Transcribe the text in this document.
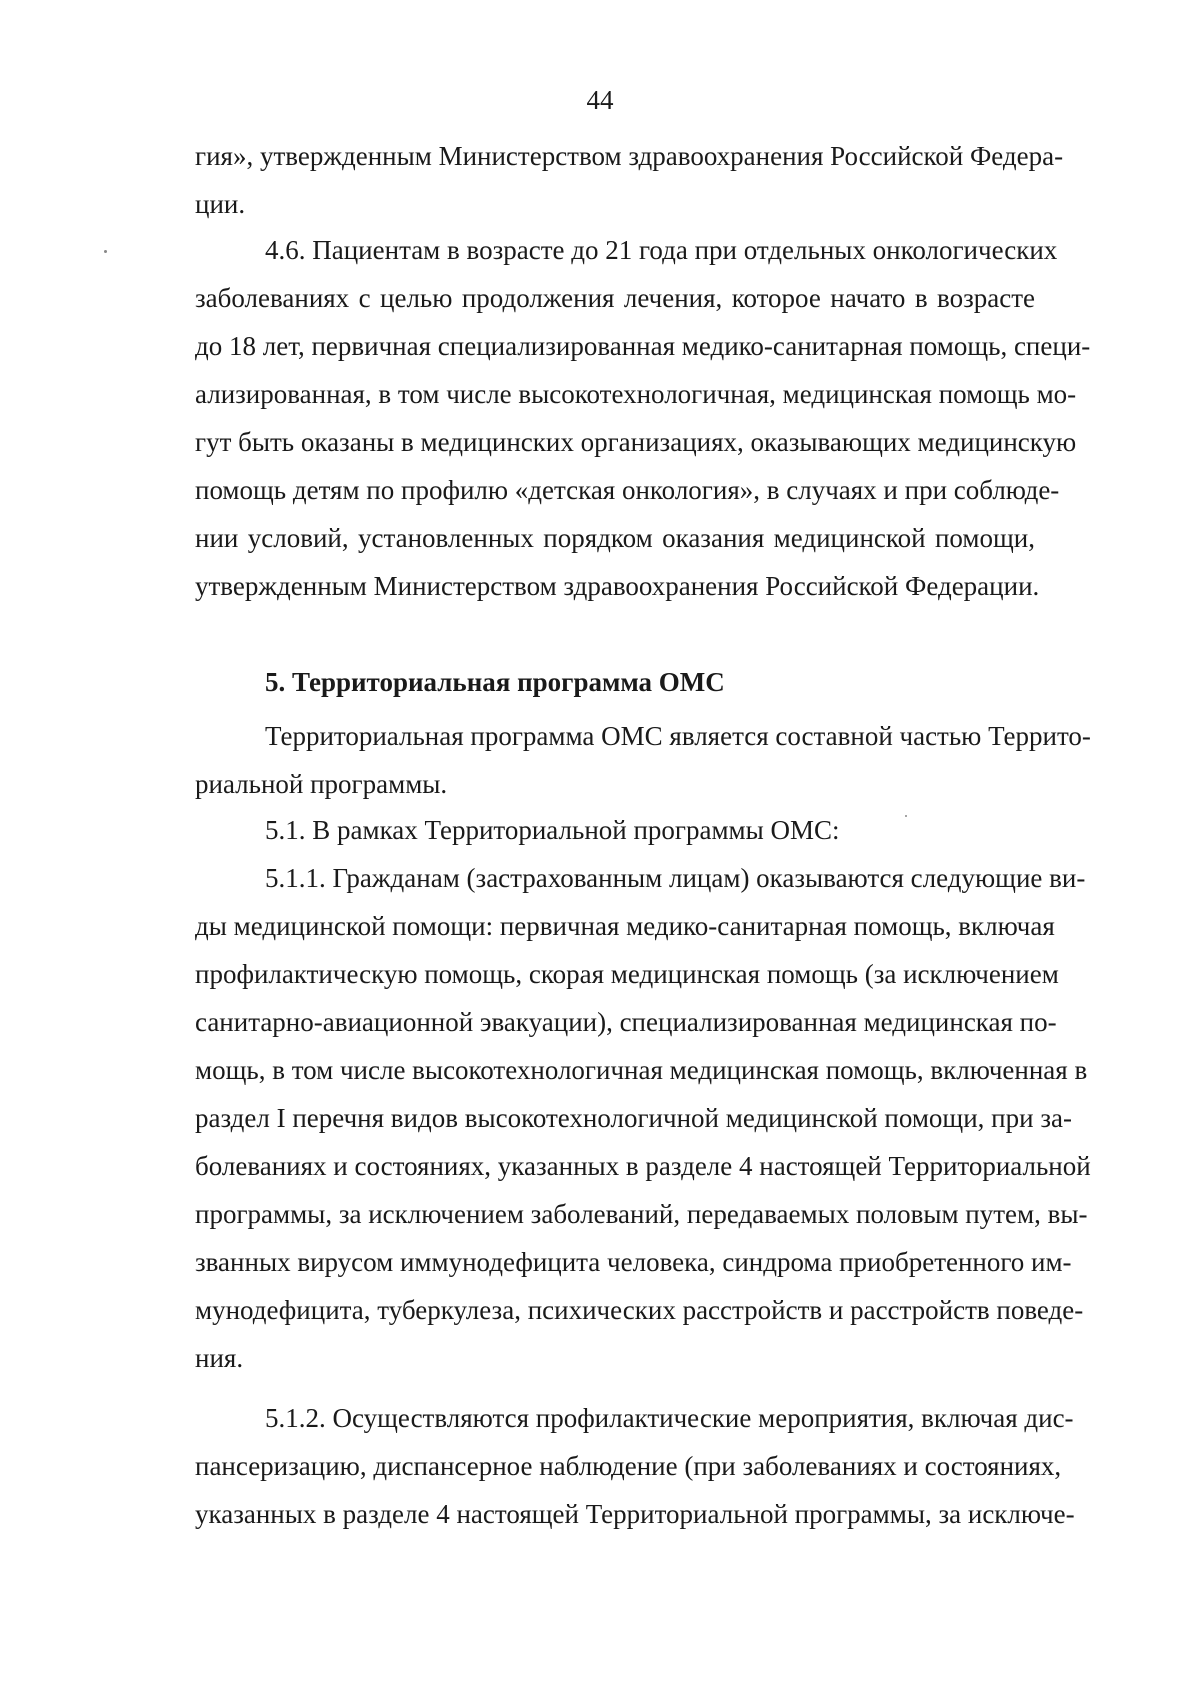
44
гия», утвержденным Министерством здравоохранения Российской Федера-
ции.
4.6. Пациентам в возрасте до 21 года при отдельных онкологических
заболеваниях с целью продолжения лечения, которое начато в возрасте
до 18 лет, первичная специализированная медико-санитарная помощь, специ-
ализированная, в том числе высокотехнологичная, медицинская помощь мо-
гут быть оказаны в медицинских организациях, оказывающих медицинскую
помощь детям по профилю «детская онкология», в случаях и при соблюде-
нии условий, установленных порядком оказания медицинской помощи,
утвержденным Министерством здравоохранения Российской Федерации.
5. Территориальная программа ОМС
Территориальная программа ОМС является составной частью Террито-
риальной программы.
5.1. В рамках Территориальной программы ОМС:
5.1.1. Гражданам (застрахованным лицам) оказываются следующие ви-
ды медицинской помощи: первичная медико-санитарная помощь, включая
профилактическую помощь, скорая медицинская помощь (за исключением
санитарно-авиационной эвакуации), специализированная медицинская по-
мощь, в том числе высокотехнологичная медицинская помощь, включенная в
раздел I перечня видов высокотехнологичной медицинской помощи, при за-
болеваниях и состояниях, указанных в разделе 4 настоящей Территориальной
программы, за исключением заболеваний, передаваемых половым путем, вы-
званных вирусом иммунодефицита человека, синдрома приобретенного им-
мунодефицита, туберкулеза, психических расстройств и расстройств поведе-
ния.
5.1.2. Осуществляются профилактические мероприятия, включая дис-
пансеризацию, диспансерное наблюдение (при заболеваниях и состояниях,
указанных в разделе 4 настоящей Территориальной программы, за исключе-
